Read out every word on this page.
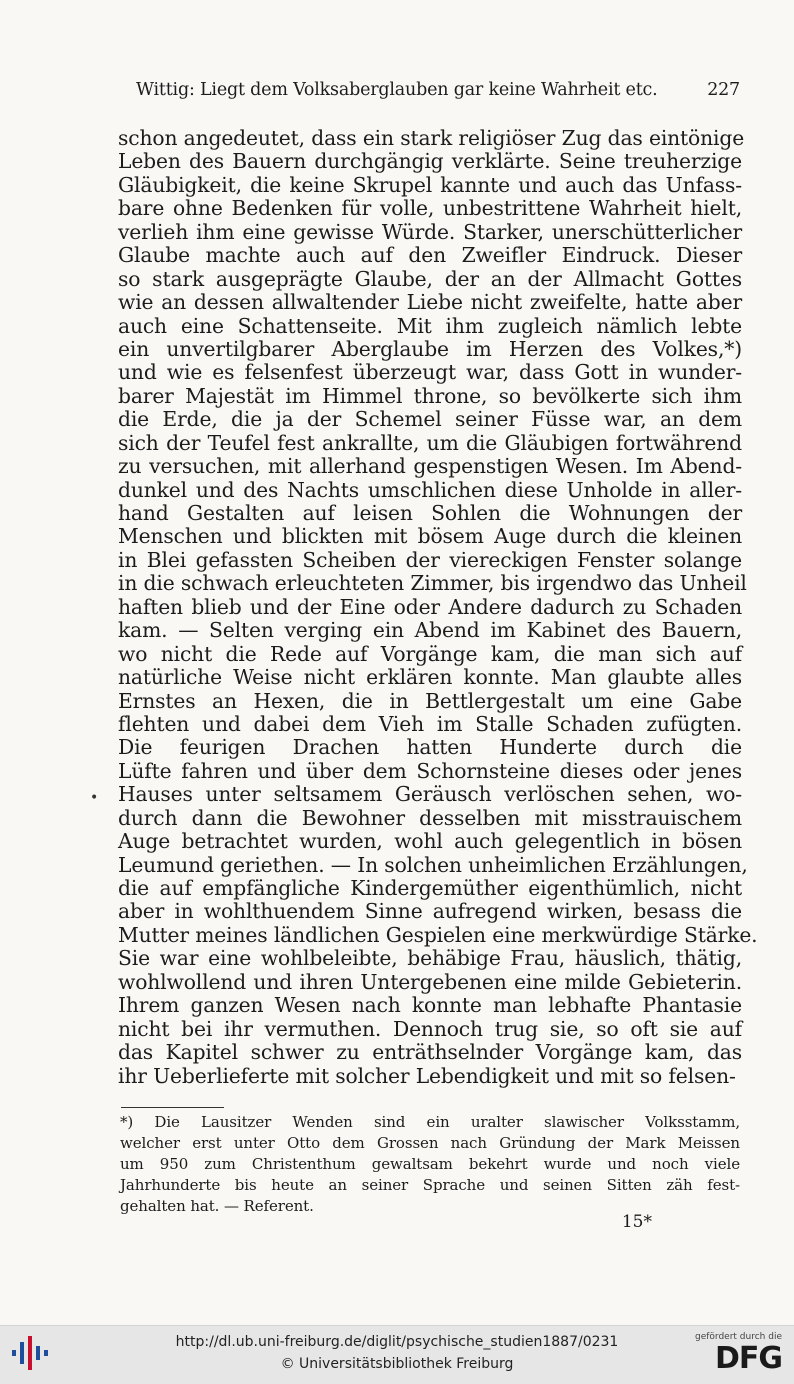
Wittig: Liegt dem Volksaberglauben gar keine Wahrheit etc.	227
schon angedeutet, dass ein stark religiöser Zug das eintönige
Leben des Bauern durchgängig verklärte. Seine treuherzige
Gläubigkeit, die keine Skrupel kannte und auch das Unfass-
bare ohne Bedenken für volle, unbestrittene Wahrheit hielt,
verlieh ihm eine gewisse Würde. Starker, unerschütterlicher
Glaube machte auch auf den Zweifler Eindruck. Dieser
so stark ausgeprägte Glaube, der an der Allmacht Gottes
wie an dessen allwaltender Liebe nicht zweifelte, hatte aber
auch eine Schattenseite. Mit ihm zugleich nämlich lebte
ein unvertilgbarer Aberglaube im Herzen des Volkes,*)
und wie es felsenfest überzeugt war, dass Gott in wunder-
barer Majestät im Himmel throne, so bevölkerte sich ihm
die Erde, die ja der Schemel seiner Füsse war, an dem
sich der Teufel fest ankrallte, um die Gläubigen fortwährend
zu versuchen, mit allerhand gespenstigen Wesen. Im Abend-
dunkel und des Nachts umschlichen diese Unholde in aller-
hand Gestalten auf leisen Sohlen die Wohnungen der
Menschen und blickten mit bösem Auge durch die kleinen
in Blei gefassten Scheiben der viereckigen Fenster solange
in die schwach erleuchteten Zimmer, bis irgendwo das Unheil
haften blieb und der Eine oder Andere dadurch zu Schaden
kam. — Selten verging ein Abend im Kabinet des Bauern,
wo nicht die Rede auf Vorgänge kam, die man sich auf
natürliche Weise nicht erklären konnte. Man glaubte alles
Ernstes an Hexen, die in Bettlergestalt um eine Gabe
flehten und dabei dem Vieh im Stalle Schaden zufügten.
Die feurigen Drachen hatten Hunderte durch die
Lüfte fahren und über dem Schornsteine dieses oder jenes
Hauses unter seltsamem Geräusch verlöschen sehen, wo-
durch dann die Bewohner desselben mit misstrauischem
Auge betrachtet wurden, wohl auch gelegentlich in bösen
Leumund geriethen. — In solchen unheimlichen Erzählungen,
die auf empfängliche Kindergemüther eigenthümlich, nicht
aber in wohlthuendem Sinne aufregend wirken, besass die
Mutter meines ländlichen Gespielen eine merkwürdige Stärke.
Sie war eine wohlbeleibte, behäbige Frau, häuslich, thätig,
wohlwollend und ihren Untergebenen eine milde Gebieterin.
Ihrem ganzen Wesen nach konnte man lebhafte Phantasie
nicht bei ihr vermuthen. Dennoch trug sie, so oft sie auf
das Kapitel schwer zu enträthselnder Vorgänge kam, das
ihr Ueberlieferte mit solcher Lebendigkeit und mit so felsen-
•
*) Die Lausitzer Wenden sind ein uralter slawischer Volksstamm,
welcher erst unter Otto dem Grossen nach Gründung der Mark Meissen
um 950 zum Christenthum gewaltsam bekehrt wurde und noch viele
Jahrhunderte bis heute an seiner Sprache und seinen Sitten zäh fest-
gehalten hat. — Referent.
15*
http://dl.ub.uni-freiburg.de/diglit/psychische_studien1887/0231
© Universitätsbibliothek Freiburg
gefördert durch die
DFG
